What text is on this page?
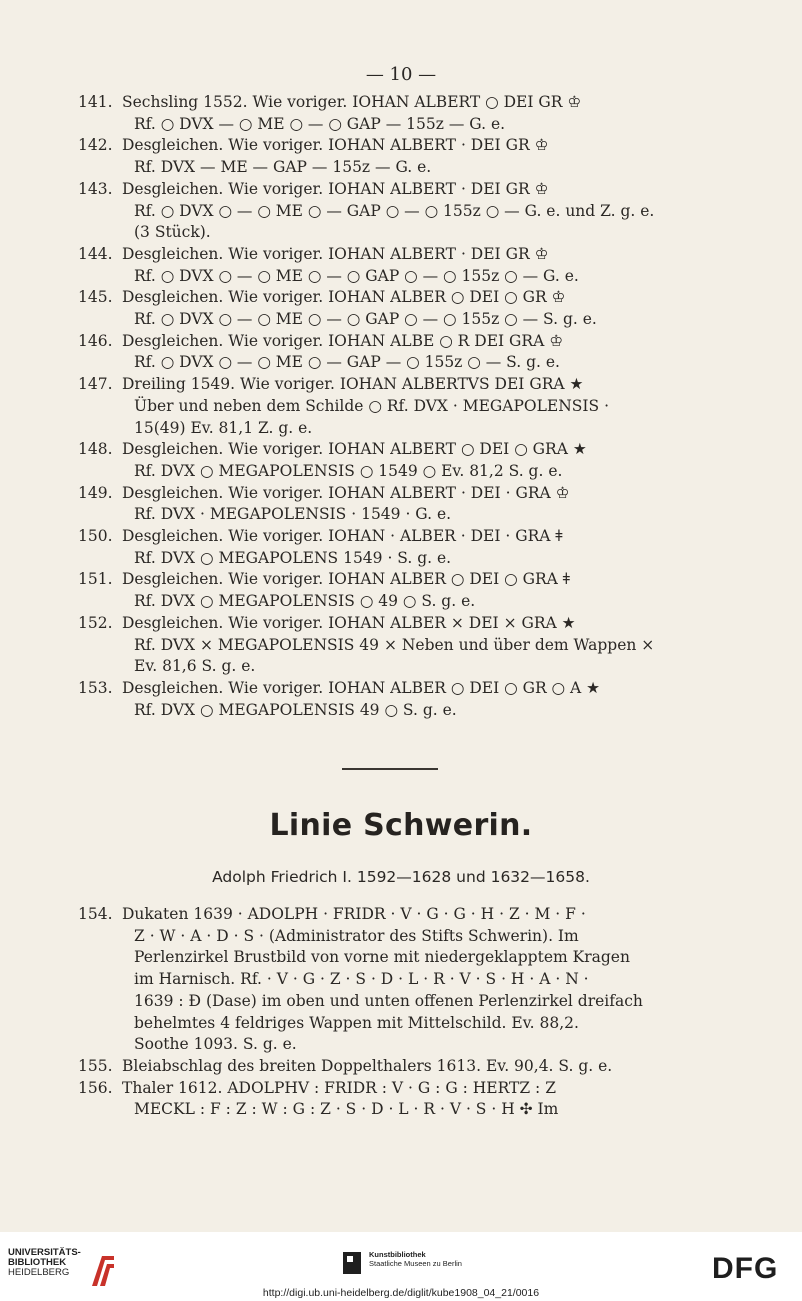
— 10 —
141. Sechsling 1552. Wie voriger. IOHAN ALBERT ○ DEI GR ♔
Rf. ○ DVX — ○ ME ○ — ○ GAP — 155z — G. e.
142. Desgleichen. Wie voriger. IOHAN ALBERT · DEI GR ♔
Rf. DVX — ME — GAP — 155z — G. e.
143. Desgleichen. Wie voriger. IOHAN ALBERT · DEI GR ♔
Rf. ○ DVX ○ — ○ ME ○ — GAP ○ — ○ 155z ○ — G. e. und Z. g. e.
(3 Stück).
144. Desgleichen. Wie voriger. IOHAN ALBERT · DEI GR ♔
Rf. ○ DVX ○ — ○ ME ○ — ○ GAP ○ — ○ 155z ○ — G. e.
145. Desgleichen. Wie voriger. IOHAN ALBER ○ DEI ○ GR ♔
Rf. ○ DVX ○ — ○ ME ○ — ○ GAP ○ — ○ 155z ○ — S. g. e.
146. Desgleichen. Wie voriger. IOHAN ALBE ○ R DEI GRA ♔
Rf. ○ DVX ○ — ○ ME ○ — GAP — ○ 155z ○ — S. g. e.
147. Dreiling 1549. Wie voriger. IOHAN ALBERTVS DEI GRA ★
Über und neben dem Schilde ○ Rf. DVX · MEGAPOLENSIS ·
15(49) Ev. 81,1 Z. g. e.
148. Desgleichen. Wie voriger. IOHAN ALBERT ○ DEI ○ GRA ★
Rf. DVX ○ MEGAPOLENSIS ○ 1549 ○ Ev. 81,2 S. g. e.
149. Desgleichen. Wie voriger. IOHAN ALBERT · DEI · GRA ♔
Rf. DVX · MEGAPOLENSIS · 1549 · G. e.
150. Desgleichen. Wie voriger. IOHAN · ALBER · DEI · GRA ǂ
Rf. DVX ○ MEGAPOLENS 1549 · S. g. e.
151. Desgleichen. Wie voriger. IOHAN ALBER ○ DEI ○ GRA ǂ
Rf. DVX ○ MEGAPOLENSIS ○ 49 ○ S. g. e.
152. Desgleichen. Wie voriger. IOHAN ALBER × DEI × GRA ★
Rf. DVX × MEGAPOLENSIS 49 × Neben und über dem Wappen ×
Ev. 81,6 S. g. e.
153. Desgleichen. Wie voriger. IOHAN ALBER ○ DEI ○ GR ○ A ★
Rf. DVX ○ MEGAPOLENSIS 49 ○ S. g. e.
Linie Schwerin.
Adolph Friedrich I. 1592—1628 und 1632—1658.
154. Dukaten 1639 · ADOLPH · FRIDR · V · G · G · H · Z · M · F ·
Z · W · A · D · S · (Administrator des Stifts Schwerin). Im
Perlenzirkel Brustbild von vorne mit niedergeklapptem Kragen
im Harnisch. Rf. · V · G · Z · S · D · L · R · V · S · H · A · N ·
1639 : Đ (Dase) im oben und unten offenen Perlenzirkel dreifach
behelmtes 4 feldriges Wappen mit Mittelschild. Ev. 88,2.
Soothe 1093. S. g. e.
155. Bleiabschlag des breiten Doppelthalers 1613. Ev. 90,4. S. g. e.
156. Thaler 1612. ADOLPHV : FRIDR : V · G : G : HERTZ : Z
MECKL : F : Z : W : G : Z · S · D · L · R · V · S · H ✣ Im
UNIVERSITÄTS-
BIBLIOTHEK
HEIDELBERG
Kunstbibliothek
Staatliche Museen zu Berlin	DFG
http://digi.ub.uni-heidelberg.de/diglit/kube1908_04_21/0016
